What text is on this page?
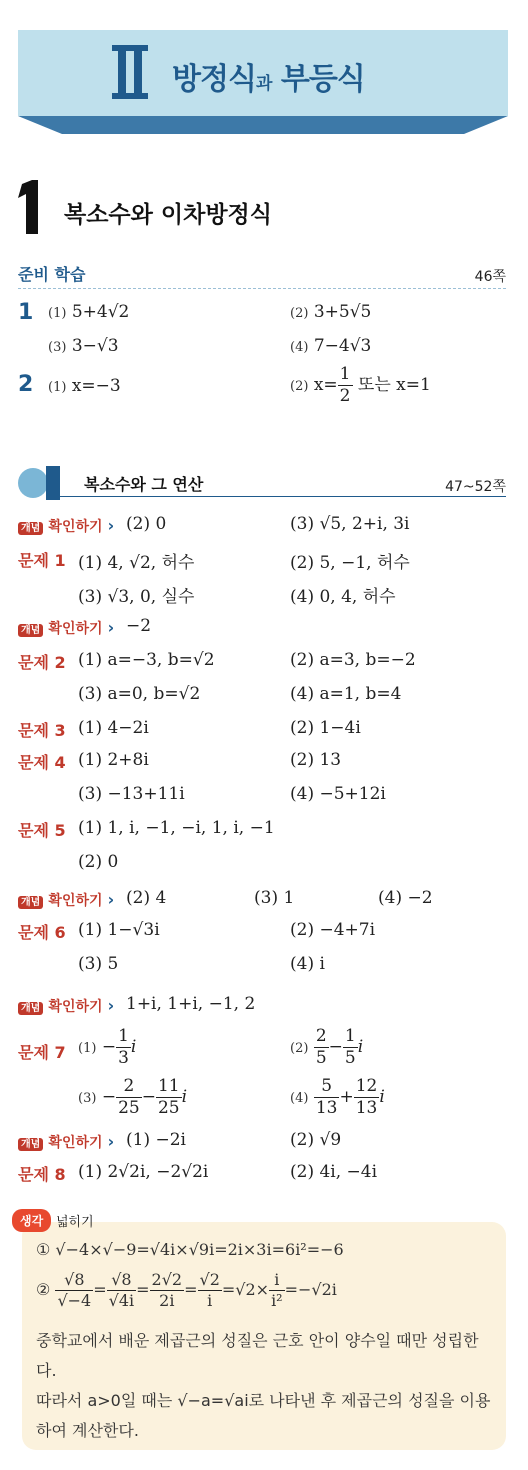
방정식과 부등식
복소수와 이차방정식
준비 학습	46쪽
1 (1) 5+4√2	(2) 3+5√5
(3) 3−√3	(4) 7−4√3
2 (1) x=−3	(2) $x= \frac{1}{2}$ 또는 x=1
복소수와 그 연산	47~52쪽
개념 확인하기 › (2) 0	(3) √5, 2+i, 3i
문제 1 (1) 4, √2, 허수	(2) 5, −1, 허수
(3) √3, 0, 실수	(4) 0, 4, 허수
개념 확인하기 › −2
문제 2 (1) a=−3, b=√2	(2) a=3, b=−2
(3) a=0, b=√2	(4) a=1, b=4
문제 3 (1) 4−2i	(2) 1−4i
문제 4 (1) 2+8i	(2) 13
(3) −13+11i	(4) −5+12i
문제 5 (1) 1, i, −1, −i, 1, i, −1
(2) 0
개념 확인하기 › (2) 4	(3) 1	(4) −2
문제 6 (1) 1−√3i	(2) −4+7i
(3) 5	(4) i
개념 확인하기 › 1+i, 1+i, −1, 2
문제 7 $(1) - \frac{1}{3}$ i	$(2) \frac{2}{5} - \frac{1}{5}$ i
$(3) - \frac{2}{25} - \frac{11}{25}$ i	$(4) \frac{5}{13} + \frac{12}{13}$ i
개념 확인하기 › (1) −2i	(2) √9
문제 8 (1) 2√2i, −2√2i	(2) 4i, −4i
생각 넓히기
① √−4×√−9=√4i×√9i=2i×3i=6i²=−6
② $\frac{√8}{√-4} = \frac{√8}{√4i} = \frac{2√2}{2i} = \frac{√2}{i} =√2\times \frac{i}{\text{i²}} =-√2i$
중학교에서 배운 제곱근의 성질은 근호 안이 양수일 때만 성립한다.
따라서 a>0일 때는 √−a=√ai로 나타낸 후 제곱근의 성질을 이용하여 계산한다.
